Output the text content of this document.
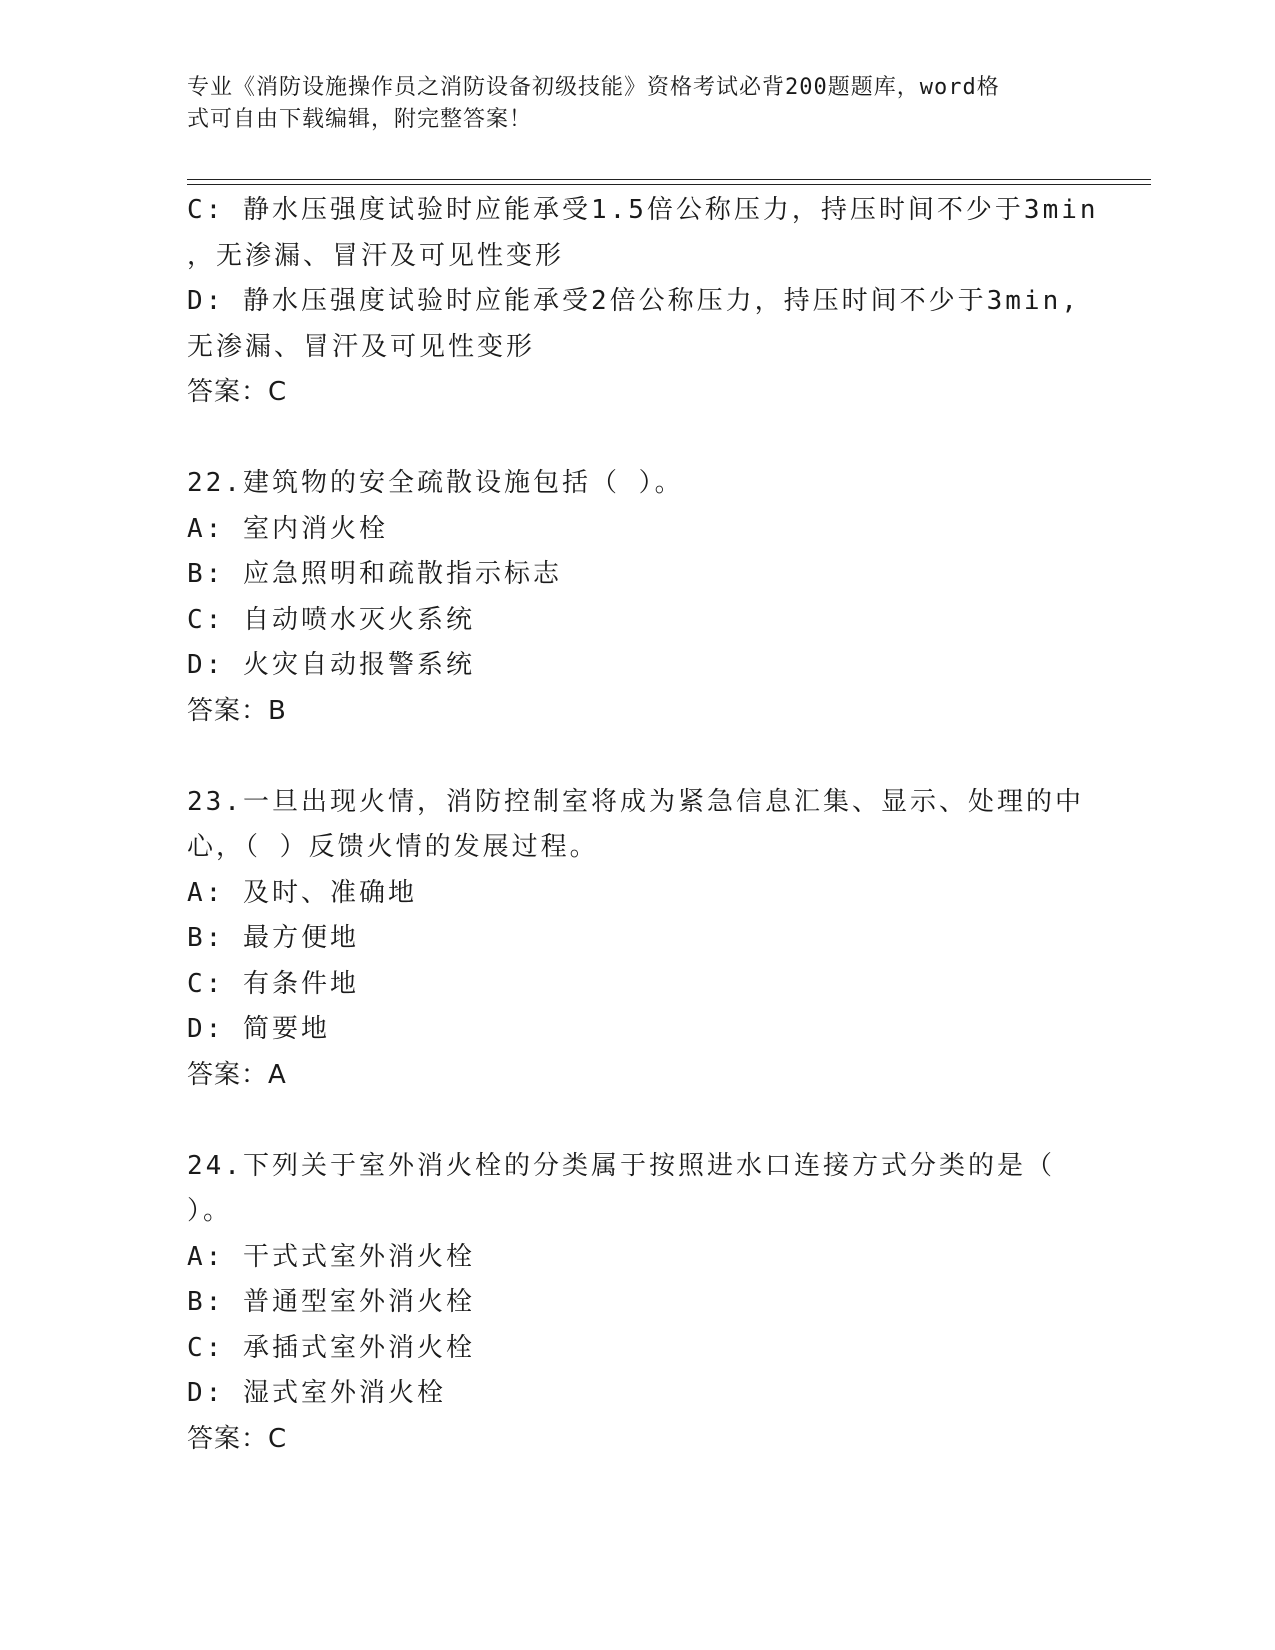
专业《消防设施操作员之消防设备初级技能》资格考试必背200题题库，word格
式可自由下载编辑，附完整答案！
C: 静水压强度试验时应能承受1.5倍公称压力，持压时间不少于3min
，无渗漏、冒汗及可见性变形
D: 静水压强度试验时应能承受2倍公称压力，持压时间不少于3min,
无渗漏、冒汗及可见性变形
答案：C
22.建筑物的安全疏散设施包括（ ）。
A: 室内消火栓
B: 应急照明和疏散指示标志
C: 自动喷水灭火系统
D: 火灾自动报警系统
答案：B
23.一旦出现火情，消防控制室将成为紧急信息汇集、显示、处理的中
心，（ ）反馈火情的发展过程。
A: 及时、准确地
B: 最方便地
C: 有条件地
D: 简要地
答案：A
24.下列关于室外消火栓的分类属于按照进水口连接方式分类的是（
）。
A: 干式式室外消火栓
B: 普通型室外消火栓
C: 承插式室外消火栓
D: 湿式室外消火栓
答案：C
